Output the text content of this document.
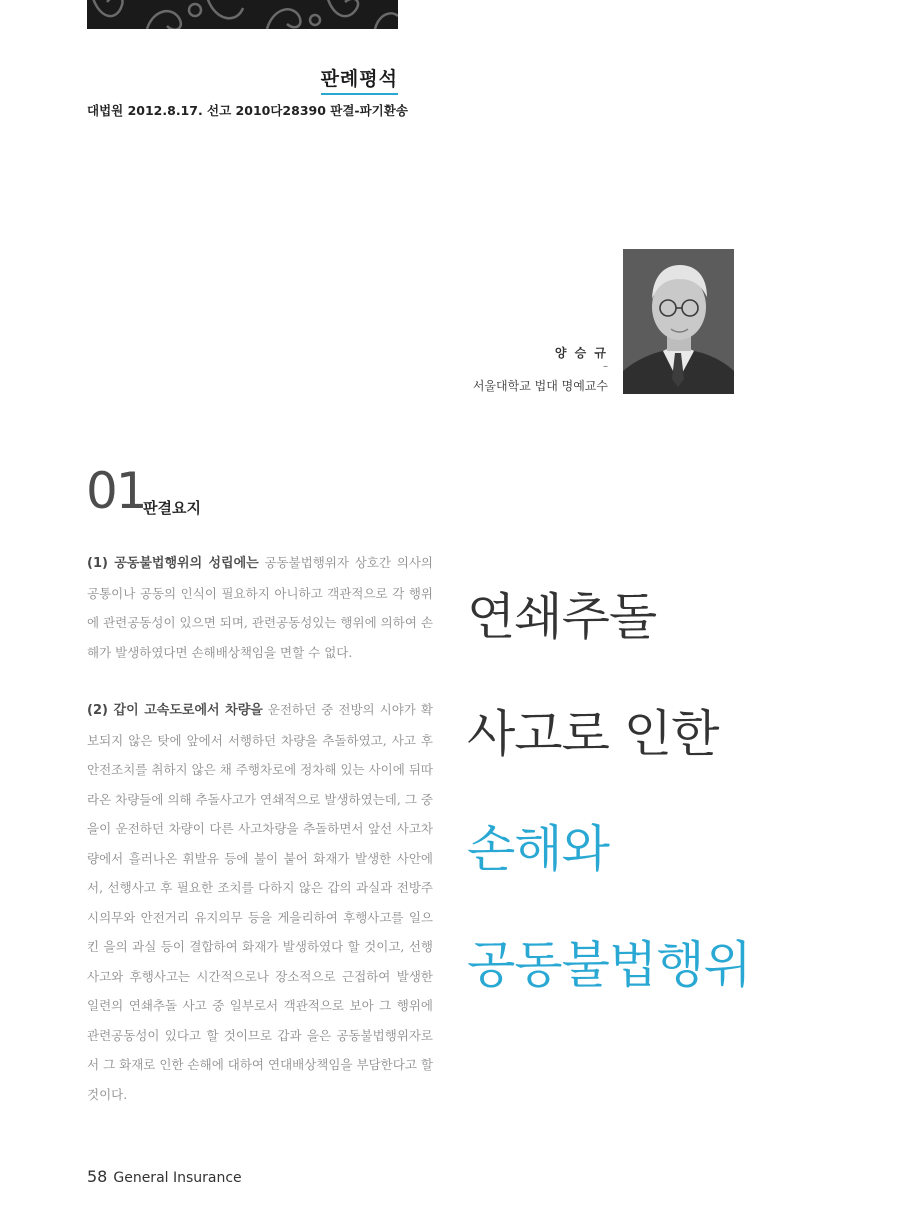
판례평석
대법원 2012.8.17. 선고 2010다28390 판결-파기환송
양 승 규
–
서울대학교 법대 명예교수
01
판결요지
(1) 공동불법행위의 성립에는 공동불법행위자 상호간 의사의 공통이나 공동의 인식이 필요하지 아니하고 객관적으로 각 행위에 관련공동성이 있으면 되며, 관련공동성있는 행위에 의하여 손해가 발생하였다면 손해배상책임을 면할 수 없다.
(2) 갑이 고속도로에서 차량을 운전하던 중 전방의 시야가 확보되지 않은 탓에 앞에서 서행하던 차량을 추돌하였고, 사고 후 안전조치를 취하지 않은 채 주행차로에 정차해 있는 사이에 뒤따라온 차량들에 의해 추돌사고가 연쇄적으로 발생하였는데, 그 중 을이 운전하던 차량이 다른 사고차량을 추돌하면서 앞선 사고차량에서 흘러나온 휘발유 등에 불이 붙어 화재가 발생한 사안에서, 선행사고 후 필요한 조치를 다하지 않은 갑의 과실과 전방주시의무와 안전거리 유지의무 등을 게을리하여 후행사고를 일으킨 을의 과실 등이 결합하여 화재가 발생하였다 할 것이고, 선행사고와 후행사고는 시간적으로나 장소적으로 근접하여 발생한 일련의 연쇄추돌 사고 중 일부로서 객관적으로 보아 그 행위에 관련공동성이 있다고 할 것이므로 갑과 을은 공동불법행위자로서 그 화재로 인한 손해에 대하여 연대배상책임을 부담한다고 할 것이다.
연쇄추돌
사고로 인한
손해와
공동불법행위
58 General Insurance
